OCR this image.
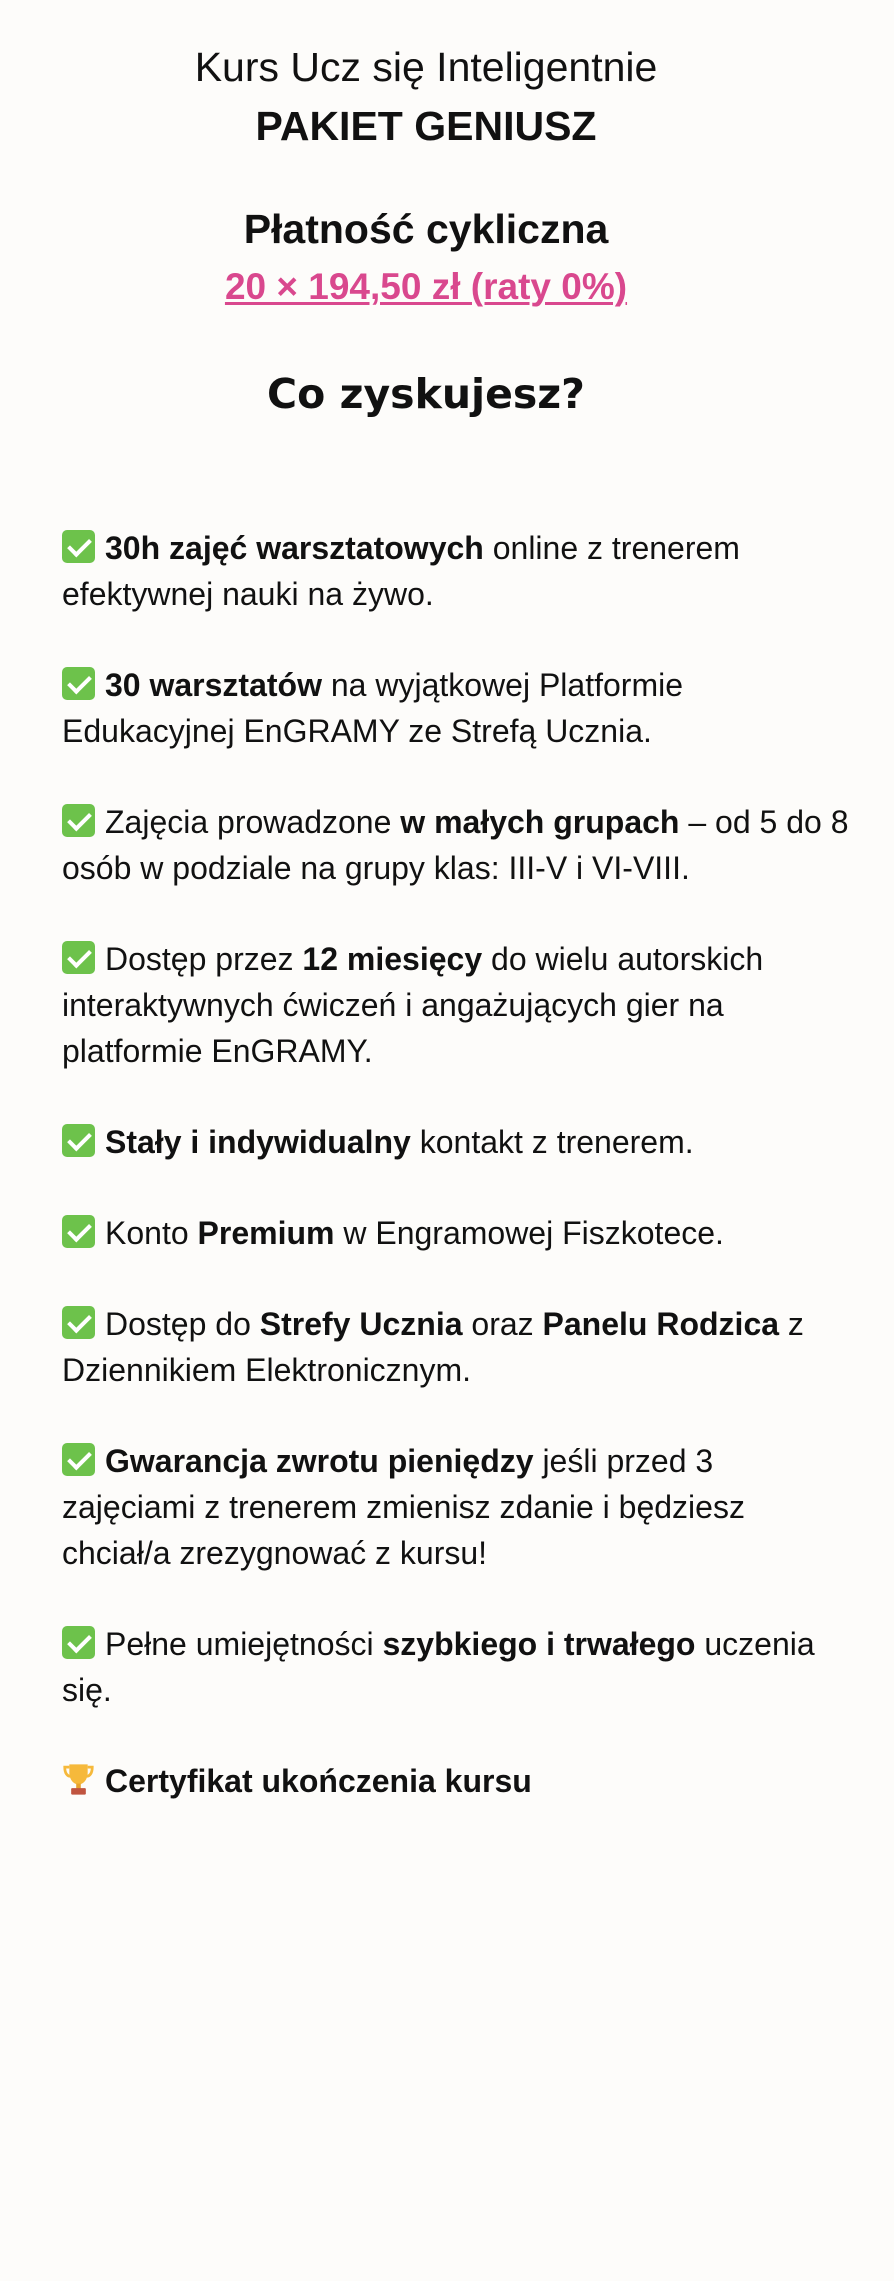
Kurs Ucz się Inteligentnie
PAKIET GENIUSZ
Płatność cykliczna
20 × 194,50 zł (raty 0%)
Co zyskujesz?
30h zajęć warsztatowych online z trenerem efektywnej nauki na żywo.
30 warsztatów na wyjątkowej Platformie Edukacyjnej EnGRAMY ze Strefą Ucznia.
Zajęcia prowadzone w małych grupach – od 5 do 8 osób w podziale na grupy klas: III-V i VI-VIII.
Dostęp przez 12 miesięcy do wielu autorskich interaktywnych ćwiczeń i angażujących gier na platformie EnGRAMY.
Stały i indywidualny kontakt z trenerem.
Konto Premium w Engramowej Fiszkotece.
Dostęp do Strefy Ucznia oraz Panelu Rodzica z Dziennikiem Elektronicznym.
Gwarancja zwrotu pieniędzy jeśli przed 3 zajęciami z trenerem zmienisz zdanie i będziesz chciał/a zrezygnować z kursu!
Pełne umiejętności szybkiego i trwałego uczenia się.
Certyfikat ukończenia kursu
